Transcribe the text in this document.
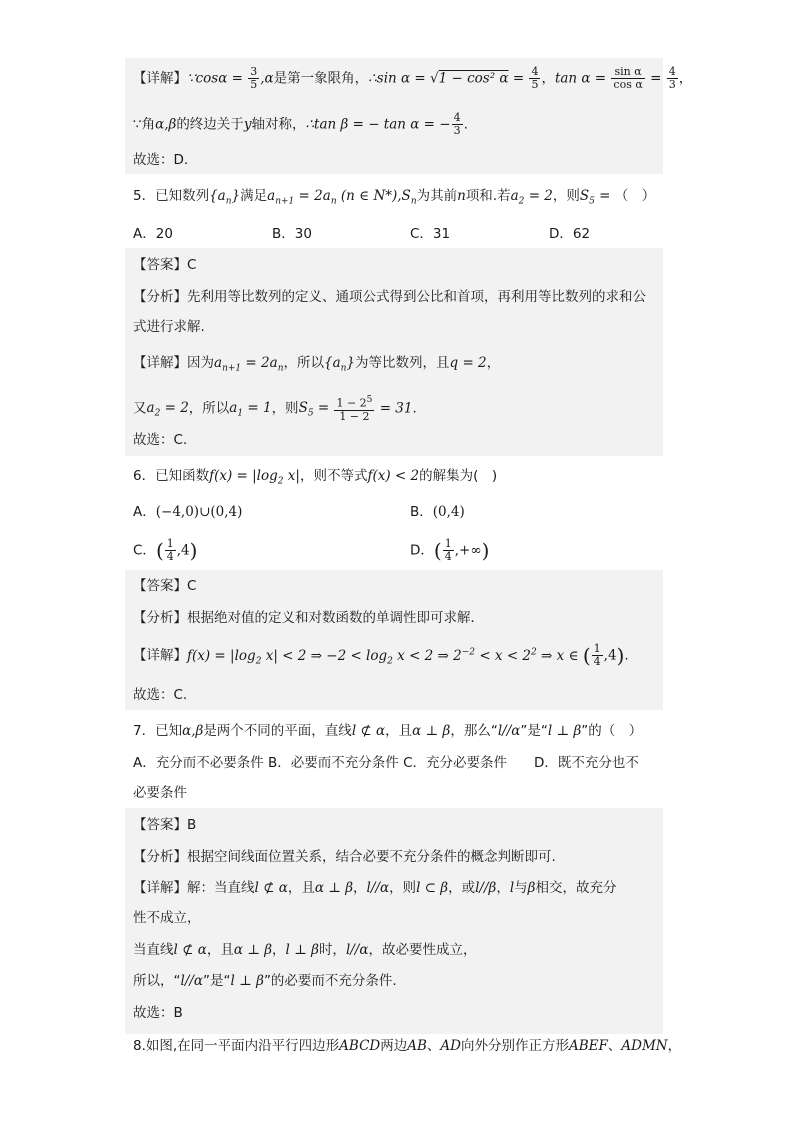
【详解】∵cosα = $\frac{3}{5} ,\alpha$是第一象限角，∴sin α = √1 − cos² $\alpha = \frac{4}{5}$ ，$\tan \alpha = \frac{\text{sin α}}{\text{cos α}} = \frac{4}{3}$ ，
∵角α,β的终边关于y轴对称，∴tan β = − tan α = − $\frac{4}{3}$ .
故选：D.
5．已知数列$\{a_n\}$满足$a_{n+1} = 2a_n$ (n ∈ $N*),S_n$为其前n项和.若$a_2 = 2$，则$S_5$ = （　）
A．20	B．30	C．31	D．62
【答案】C
【分析】先利用等比数列的定义、通项公式得到公比和首项，再利用等比数列的求和公
式进行求解.
【详解】因为$a_{n+1} = 2a_n$，所以$\{a_n\}$为等比数列，且q = 2，
又$a_2 = 2$，所以$a_1 = 1$，则$S_5 = \frac{1 - 2^5}{1 - 2} = 31$.
故选：C.
6．已知函数$f(x) = |\log_2$ x|，则不等式f(x) < 2的解集为(　)
A．(−4,0)∪(0,4)	B．(0,4)
C．( $\frac{1}{4} ,4$)	D．( $\frac{1}{4}$ ,+∞)
【答案】C
【分析】根据绝对值的定义和对数函数的单调性即可求解．
【详解】$f(x) = |\log_2$ x| < 2 ⇒ $-2 < \log_2 x < 2$ ⇒ $2^{-2} < x < 2^2$ ⇒ x ∈ ( $\frac{1}{4} ,4$).
故选：C.
7．已知α,β是两个不同的平面，直线l ⊄ α，且α ⊥ β，那么“l//α”是“l ⊥ β”的（　）
A．充分而不必要条件 B．必要而不充分条件 C．充分必要条件　　D．既不充分也不
必要条件
【答案】B
【分析】根据空间线面位置关系，结合必要不充分条件的概念判断即可.
【详解】解：当直线l ⊄ α，且α ⊥ β，l//α，则l ⊂ β，或l//β，l与β相交，故充分
性不成立，
当直线l ⊄ α，且α ⊥ β，l ⊥ β时，l//α，故必要性成立，
所以，“l//α”是“l ⊥ β”的必要而不充分条件.
故选：B
8.如图,在同一平面内沿平行四边形ABCD两边AB、AD向外分别作正方形ABEF、ADMN，
